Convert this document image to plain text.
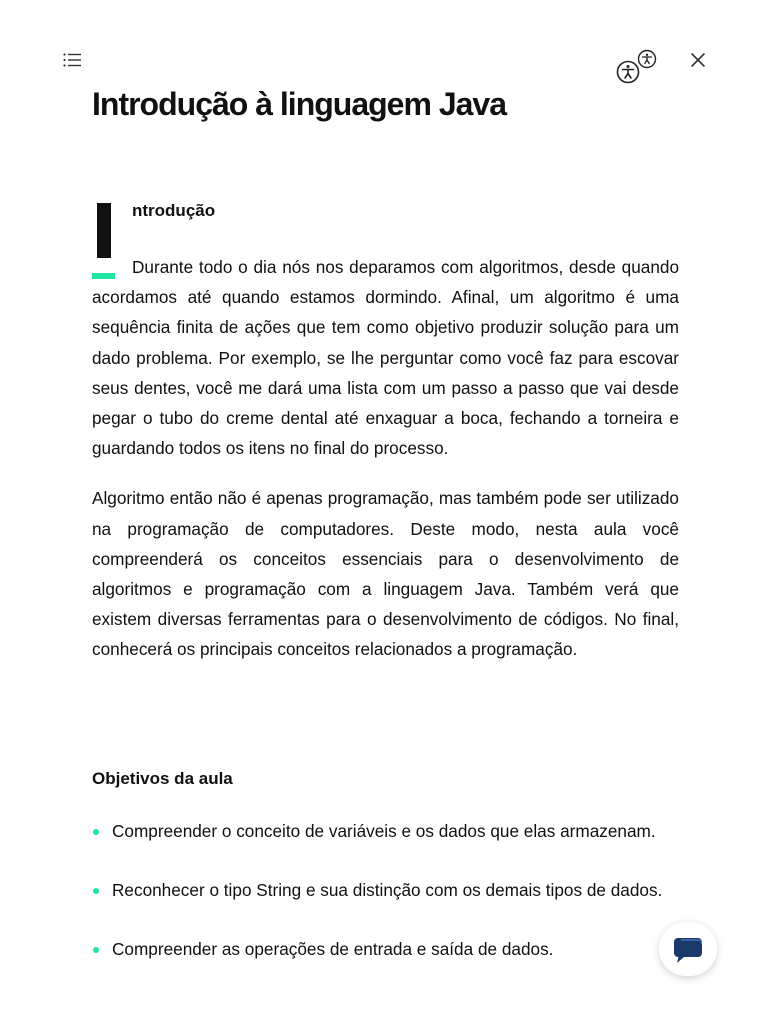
Introdução à linguagem Java
ntrodução

Durante todo o dia nós nos deparamos com algoritmos, desde quando acordamos até quando estamos dormindo. Afinal, um algoritmo é uma sequência finita de ações que tem como objetivo produzir solução para um dado problema. Por exemplo, se lhe perguntar como você faz para escovar seus dentes, você me dará uma lista com um passo a passo que vai desde pegar o tubo do creme dental até enxaguar a boca, fechando a torneira e guardando todos os itens no final do processo.

Algoritmo então não é apenas programação, mas também pode ser utilizado na programação de computadores. Deste modo, nesta aula você compreenderá os conceitos essenciais para o desenvolvimento de algoritmos e programação com a linguagem Java. Também verá que existem diversas ferramentas para o desenvolvimento de códigos. No final, conhecerá os principais conceitos relacionados a programação.

Objetivos da aula
Compreender o conceito de variáveis e os dados que elas armazenam.
Reconhecer o tipo String e sua distinção com os demais tipos de dados.
Compreender as operações de entrada e saída de dados.
